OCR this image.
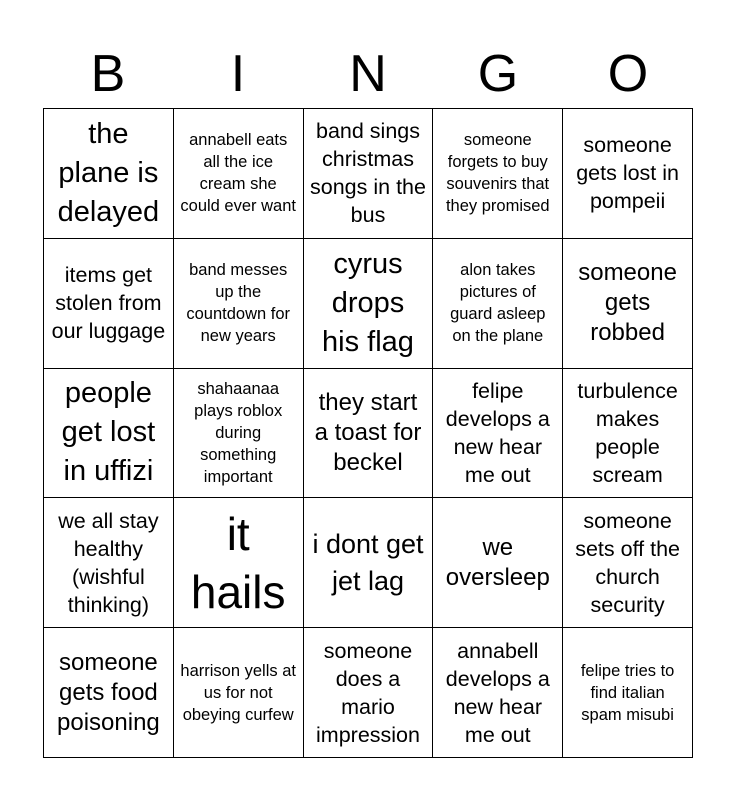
B	I	N	G	O
the plane is delayed
annabell eats all the ice cream she could ever want
band sings christmas songs in the bus
someone forgets to buy souvenirs that they promised
someone gets lost in pompeii
items get stolen from our luggage
band messes up the countdown for new years
cyrus drops his flag
alon takes pictures of guard asleep on the plane
someone gets robbed
people get lost in uffizi
shahaanaa plays roblox during something important
they start a toast for beckel
felipe develops a new hear me out
turbulence makes people scream
we all stay healthy (wishful thinking)
it hails
i dont get jet lag
we oversleep
someone sets off the church security
someone gets food poisoning
harrison yells at us for not obeying curfew
someone does a mario impression
annabell develops a new hear me out
felipe tries to find italian spam misubi
